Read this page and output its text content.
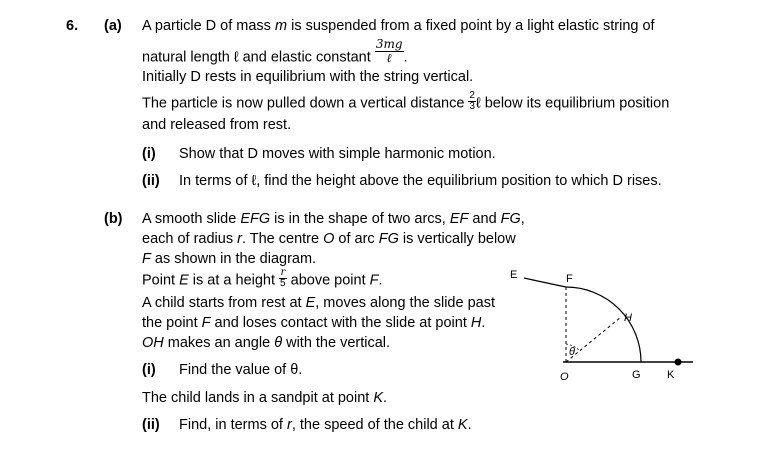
6. (a) A particle D of mass m is suspended from a fixed point by a light elastic string of
natural length ℓ and elastic constant $\frac{3mg}{\text{ℓ}}$ .
Initially D rests in equilibrium with the string vertical.
The particle is now pulled down a vertical distance $\frac{2}{3}$ ℓ below its equilibrium position
and released from rest.
(i) Show that D moves with simple harmonic motion.
(ii) In terms of ℓ, find the height above the equilibrium position to which D rises.
(b) A smooth slide EFG is in the shape of two arcs, EF and FG,
each of radius r. The centre O of arc FG is vertically below
F as shown in the diagram.
Point E is at a height $\frac{r}{5}$ above point F.
A child starts from rest at E, moves along the slide past
the point F and loses contact with the slide at point H.
OH makes an angle θ with the vertical.
(i) Find the value of θ.
The child lands in a sandpit at point K.
(ii) Find, in terms of r, the speed of the child at K.
E	F
H
O
θ
G K
